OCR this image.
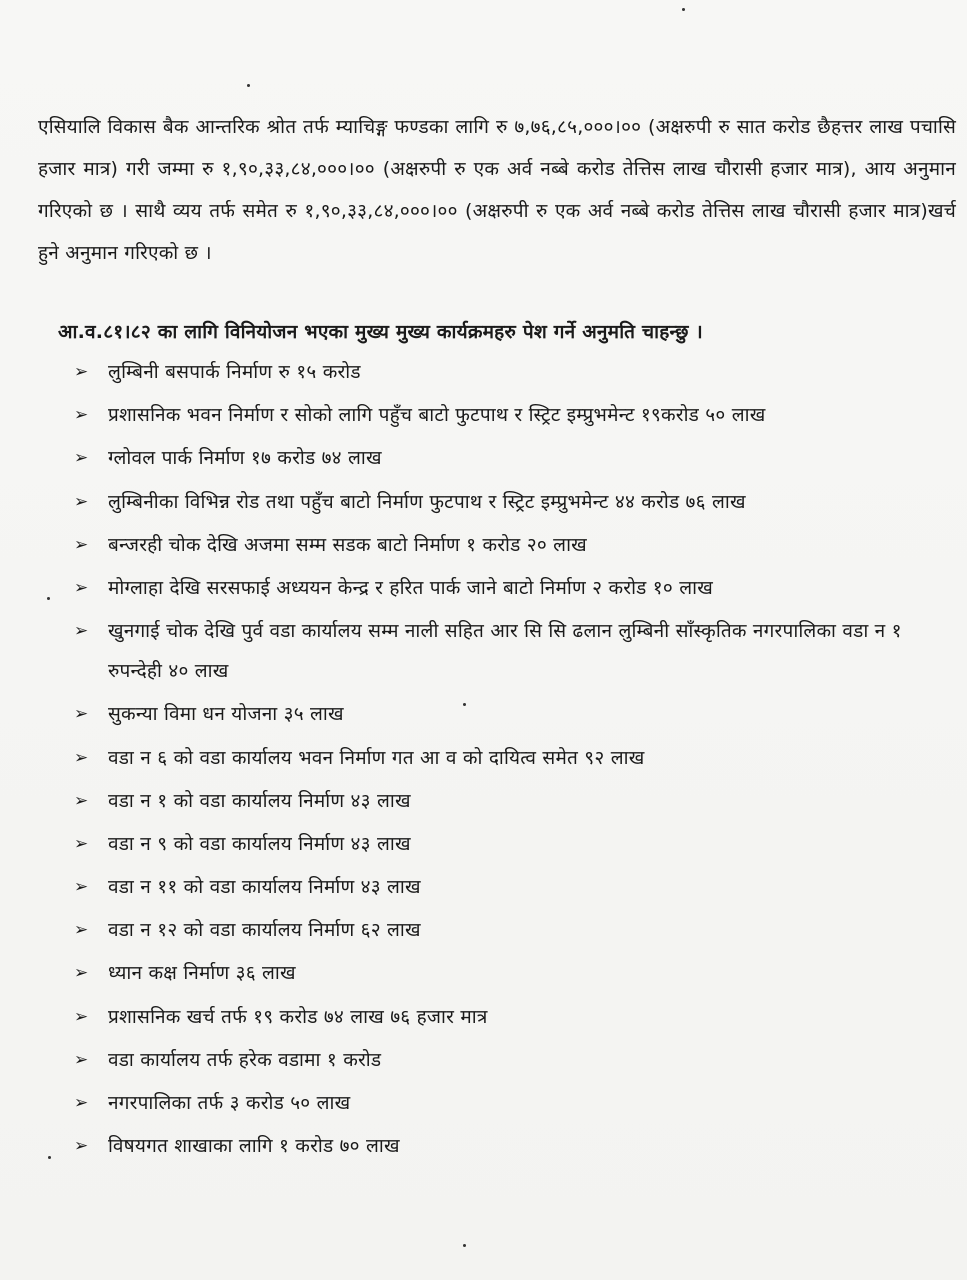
एसियालि विकास बैक आन्तरिक श्रोत तर्फ म्याचिङ्ग फण्डका लागि रु ७,७६,८५,०००।०० (अक्षरुपी रु सात करोड छैहत्तर लाख पचासि हजार मात्र) गरी जम्मा रु १,९०,३३,८४,०००।०० (अक्षरुपी रु एक अर्व नब्बे करोड तेत्तिस लाख चौरासी हजार मात्र), आय अनुमान गरिएको छ । साथै व्यय तर्फ समेत रु १,९०,३३,८४,०००।०० (अक्षरुपी रु एक अर्व नब्बे करोड तेत्तिस लाख चौरासी हजार मात्र)खर्च हुने अनुमान गरिएको छ ।
आ.व.८१।८२ का लागि विनियोजन भएका मुख्य मुख्य कार्यक्रमहरु पेश गर्ने अनुमति चाहन्छु ।
➢ लुम्बिनी बसपार्क निर्माण रु १५ करोड
➢ प्रशासनिक भवन निर्माण र सोको लागि पहुँच बाटो फुटपाथ र स्ट्रिट इम्प्रुभमेन्ट १९करोड ५० लाख
➢ ग्लोवल पार्क निर्माण १७ करोड ७४ लाख
➢ लुम्बिनीका विभिन्न रोड तथा पहुँच बाटो निर्माण फुटपाथ र स्ट्रिट इम्प्रुभमेन्ट ४४ करोड ७६ लाख
➢ बन्जरही चोक देखि अजमा सम्म सडक बाटो निर्माण १ करोड २० लाख
➢ मोग्लाहा देखि सरसफाई अध्ययन केन्द्र र हरित पार्क जाने बाटो निर्माण २ करोड १० लाख
➢ खुनगाई चोक देखि पुर्व वडा कार्यालय सम्म नाली सहित आर सि सि ढलान लुम्बिनी साँस्कृतिक नगरपालिका वडा न १ रुपन्देही ४० लाख
➢ सुकन्या विमा धन योजना ३५ लाख
➢ वडा न ६ को वडा कार्यालय भवन निर्माण गत आ व को दायित्व समेत ९२ लाख
➢ वडा न १ को वडा कार्यालय निर्माण ४३ लाख
➢ वडा न ९ को वडा कार्यालय निर्माण ४३ लाख
➢ वडा न ११ को वडा कार्यालय निर्माण ४३ लाख
➢ वडा न १२ को वडा कार्यालय निर्माण ६२ लाख
➢ ध्यान कक्ष निर्माण ३६ लाख
➢ प्रशासनिक खर्च तर्फ १९ करोड ७४ लाख ७६ हजार मात्र
➢ वडा कार्यालय तर्फ हरेक वडामा १ करोड
➢ नगरपालिका तर्फ ३ करोड ५० लाख
➢ विषयगत शाखाका लागि १ करोड ७० लाख
